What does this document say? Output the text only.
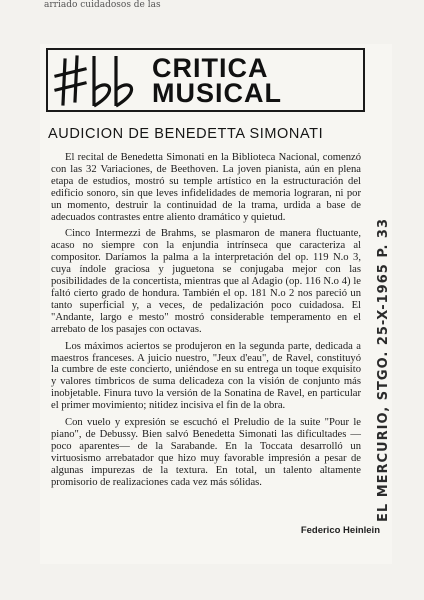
arriado cuidadosos de las
CRITICA
MUSICAL
AUDICION DE BENEDETTA SIMONATI

El recital de Benedetta Simonati en la Biblioteca Nacional, comenzó con las 32 Variaciones, de Beethoven. La joven pianista, aún en plena etapa de estudios, mostró su temple artístico en la estructuración del edificio sonoro, sin que leves infidelidades de memoria lograran, ni por un momento, destruir la continuidad de la trama, urdida a base de adecuados contrastes entre aliento dramático y quietud.

Cinco Intermezzi de Brahms, se plasmaron de manera fluctuante, acaso no siempre con la enjundia intrínseca que caracteriza al compositor. Daríamos la palma a la interpretación del op. 119 N.o 3, cuya índole graciosa y juguetona se conjugaba mejor con las posibilidades de la concertista, mientras que al Adagio (op. 116 N.o 4) le faltó cierto grado de hondura. También el op. 181 N.o 2 nos pareció un tanto superficial y, a veces, de pedalización poco cuidadosa. El "Andante, largo e mesto" mostró considerable temperamento en el arrebato de los pasajes con octavas.

Los máximos aciertos se produjeron en la segunda parte, dedicada a maestros franceses. A juicio nuestro, "Jeux d'eau", de Ravel, constituyó la cumbre de este concierto, uniéndose en su entrega un toque exquisito y valores tímbricos de suma delicadeza con la visión de conjunto más inobjetable. Finura tuvo la versión de la Sonatina de Ravel, en particular el primer movimiento; nitidez incisiva el fin de la obra.

Con vuelo y expresión se escuchó el Preludio de la suite "Pour le piano", de Debussy. Bien salvó Benedetta Simonati las dificultades —poco aparentes— de la Sarabande. En la Toccata desarrolló un virtuosismo arrebatador que hizo muy favorable impresión a pesar de algunas impurezas de la textura. En total, un talento altamente promisorio de realizaciones cada vez más sólidas.

Federico Heinlein
EL MERCURIO, STGO. 25-X-1965 P. 33
